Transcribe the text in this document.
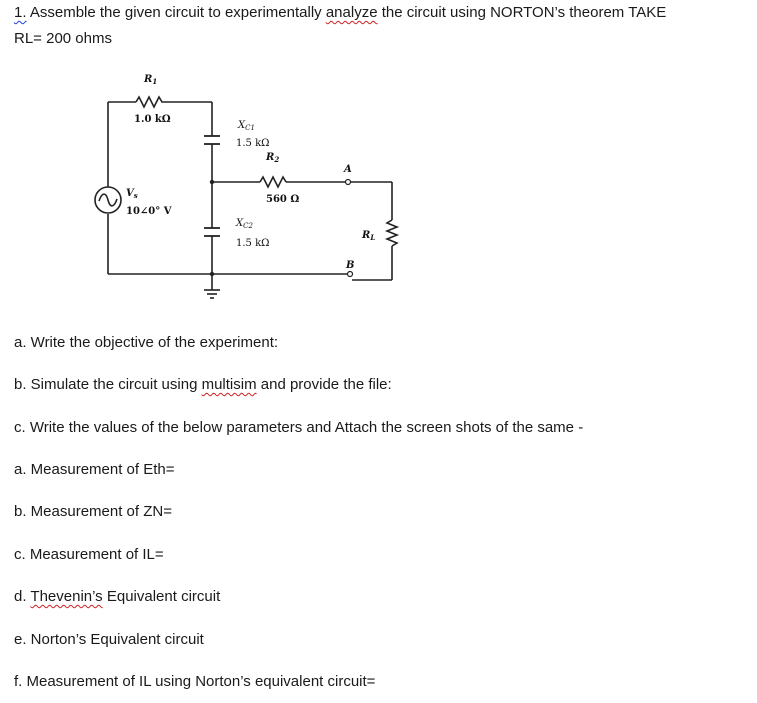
1. Assemble the given circuit to experimentally analyze the circuit using NORTON’s theorem TAKE
RL= 200 ohms
$R_1$
1.0 kΩ
$X_{C1}$
1.5 kΩ
$R_2$
560 Ω
$V_s$
10∠0° V
$X_{C2}$
1.5 kΩ
A
B
$R_L$
a. Write the objective of the experiment:
b. Simulate the circuit using multisim and provide the file:
c. Write the values of the below parameters and Attach the screen shots of the same -
a. Measurement of Eth=
b. Measurement of ZN=
c. Measurement of IL=
d. Thevenin’s Equivalent circuit
e. Norton’s Equivalent circuit
f. Measurement of IL using Norton’s equivalent circuit=
